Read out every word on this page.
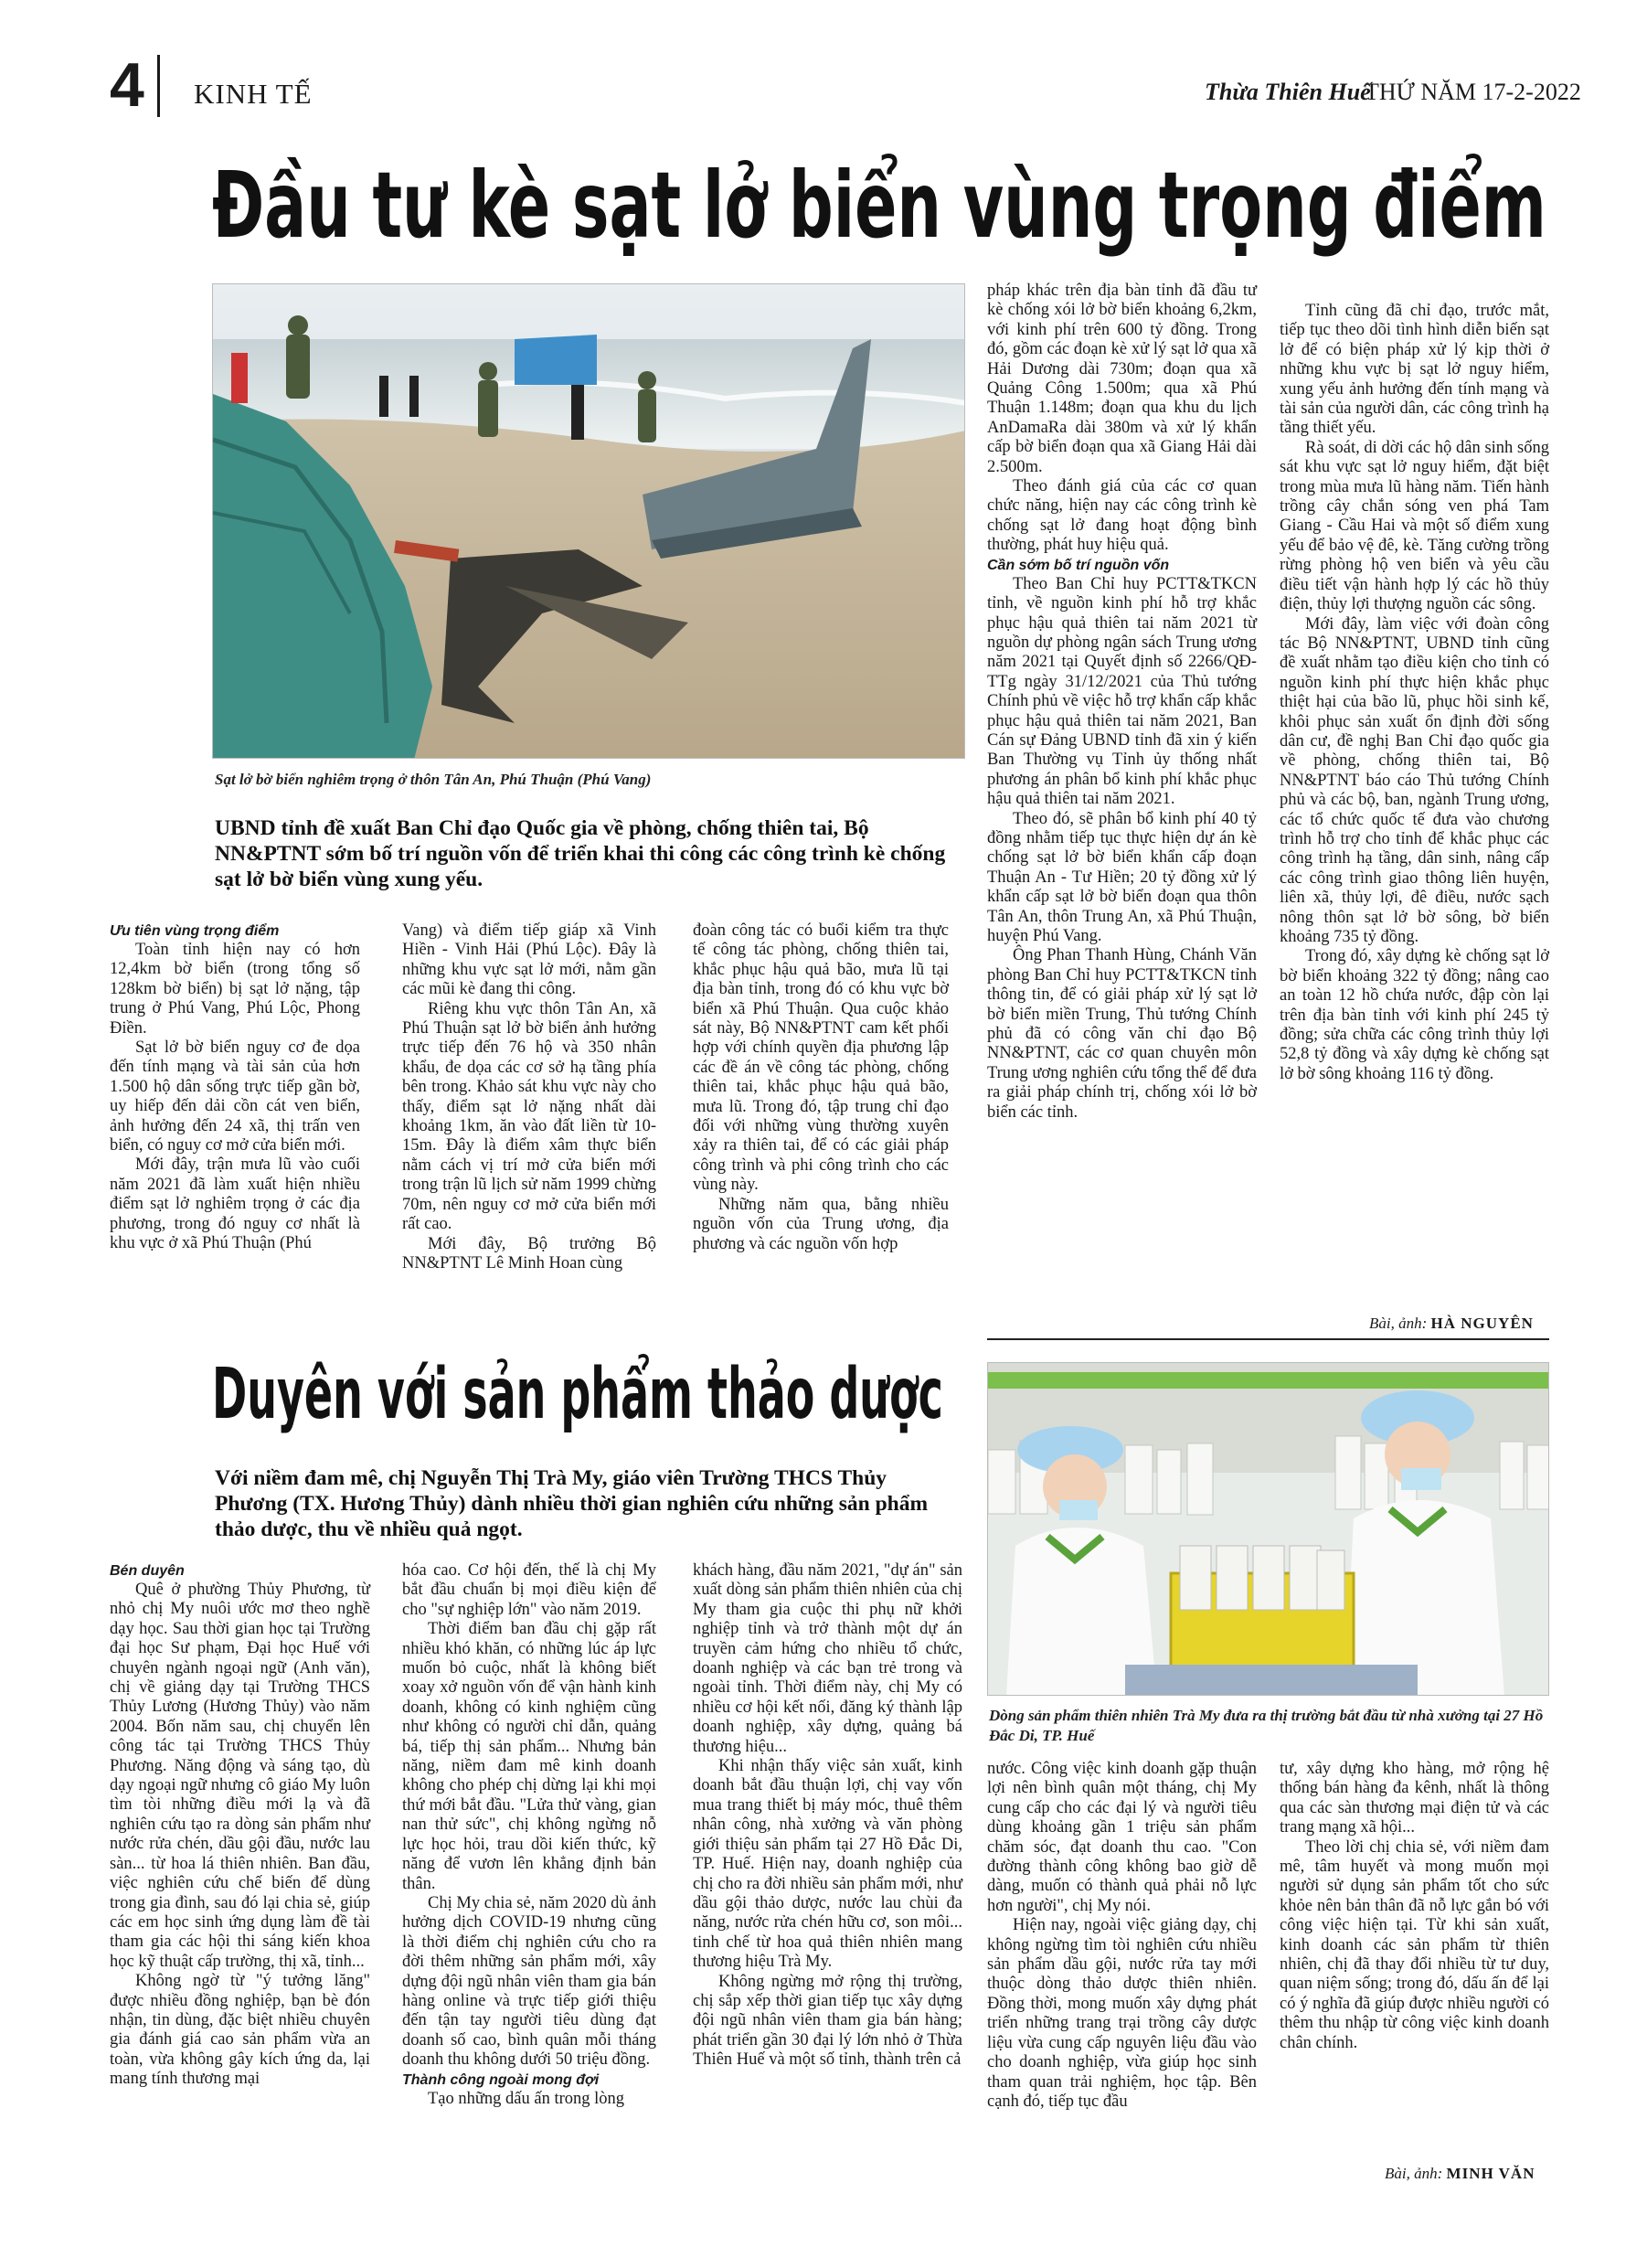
4 KINH TẾ	Thừa Thiên Huế
THỨ NĂM 17-2-2022
Đầu tư kè sạt lở biển vùng trọng điểm
Sạt lở bờ biển nghiêm trọng ở thôn Tân An, Phú Thuận (Phú Vang)
UBND tỉnh đề xuất Ban Chỉ đạo Quốc gia về phòng, chống thiên tai, Bộ NN&PTNT sớm bố trí nguồn vốn để triển khai thi công các công trình kè chống sạt lở bờ biển vùng xung yếu.

Ưu tiên vùng trọng điểm

Toàn tỉnh hiện nay có hơn 12,4km bờ biển (trong tổng số 128km bờ biển) bị sạt lở nặng, tập trung ở Phú Vang, Phú Lộc, Phong Điền.

Sạt lở bờ biển nguy cơ đe dọa đến tính mạng và tài sản của hơn 1.500 hộ dân sống trực tiếp gần bờ, uy hiếp đến dải cồn cát ven biển, ảnh hưởng đến 24 xã, thị trấn ven biển, có nguy cơ mở cửa biển mới.

Mới đây, trận mưa lũ vào cuối năm 2021 đã làm xuất hiện nhiều điểm sạt lở nghiêm trọng ở các địa phương, trong đó nguy cơ nhất là khu vực ở xã Phú Thuận (Phú

Vang) và điểm tiếp giáp xã Vinh Hiền - Vinh Hải (Phú Lộc). Đây là những khu vực sạt lở mới, nằm gần các mũi kè đang thi công.

Riêng khu vực thôn Tân An, xã Phú Thuận sạt lở bờ biển ảnh hưởng trực tiếp đến 76 hộ và 350 nhân khẩu, đe dọa các cơ sở hạ tầng phía bên trong. Khảo sát khu vực này cho thấy, điểm sạt lở nặng nhất dài khoảng 1km, ăn vào đất liền từ 10-15m. Đây là điểm xâm thực biển nằm cách vị trí mở cửa biển mới trong trận lũ lịch sử năm 1999 chừng 70m, nên nguy cơ mở cửa biển mới rất cao.

Mới đây, Bộ trưởng Bộ NN&PTNT Lê Minh Hoan cùng

đoàn công tác có buổi kiểm tra thực tế công tác phòng, chống thiên tai, khắc phục hậu quả bão, mưa lũ tại địa bàn tỉnh, trong đó có khu vực bờ biển xã Phú Thuận. Qua cuộc khảo sát này, Bộ NN&PTNT cam kết phối hợp với chính quyền địa phương lập các đề án về công tác phòng, chống thiên tai, khắc phục hậu quả bão, mưa lũ. Trong đó, tập trung chỉ đạo đối với những vùng thường xuyên xảy ra thiên tai, để có các giải pháp công trình và phi công trình cho các vùng này.

Những năm qua, bằng nhiều nguồn vốn của Trung ương, địa phương và các nguồn vốn hợp

pháp khác trên địa bàn tỉnh đã đầu tư kè chống xói lở bờ biển khoảng 6,2km, với kinh phí trên 600 tỷ đồng. Trong đó, gồm các đoạn kè xử lý sạt lở qua xã Hải Dương dài 730m; đoạn qua xã Quảng Công 1.500m; qua xã Phú Thuận 1.148m; đoạn qua khu du lịch AnDamaRa dài 380m và xử lý khẩn cấp bờ biển đoạn qua xã Giang Hải dài 2.500m.

Theo đánh giá của các cơ quan chức năng, hiện nay các công trình kè chống sạt lở đang hoạt động bình thường, phát huy hiệu quả.

Cần sớm bố trí nguồn vốn

Theo Ban Chỉ huy PCTT&TKCN tỉnh, về nguồn kinh phí hỗ trợ khắc phục hậu quả thiên tai năm 2021 từ nguồn dự phòng ngân sách Trung ương năm 2021 tại Quyết định số 2266/QĐ-TTg ngày 31/12/2021 của Thủ tướng Chính phủ về việc hỗ trợ khẩn cấp khắc phục hậu quả thiên tai năm 2021, Ban Cán sự Đảng UBND tỉnh đã xin ý kiến Ban Thường vụ Tỉnh ủy thống nhất phương án phân bổ kinh phí khắc phục hậu quả thiên tai năm 2021.

Theo đó, sẽ phân bổ kinh phí 40 tỷ đồng nhằm tiếp tục thực hiện dự án kè chống sạt lở bờ biển khẩn cấp đoạn Thuận An - Tư Hiền; 20 tỷ đồng xử lý khẩn cấp sạt lở bờ biển đoạn qua thôn Tân An, thôn Trung An, xã Phú Thuận, huyện Phú Vang.

Ông Phan Thanh Hùng, Chánh Văn phòng Ban Chỉ huy PCTT&TKCN tỉnh thông tin, để có giải pháp xử lý sạt lở bờ biển miền Trung, Thủ tướng Chính phủ đã có công văn chỉ đạo Bộ NN&PTNT, các cơ quan chuyên môn Trung ương nghiên cứu tổng thể để đưa ra giải pháp chính trị, chống xói lở bờ biển các tỉnh.

Tỉnh cũng đã chỉ đạo, trước mắt, tiếp tục theo dõi tình hình diễn biến sạt lở để có biện pháp xử lý kịp thời ở những khu vực bị sạt lở nguy hiểm, xung yếu ảnh hưởng đến tính mạng và tài sản của người dân, các công trình hạ tầng thiết yếu.

Rà soát, di dời các hộ dân sinh sống sát khu vực sạt lở nguy hiểm, đặt biệt trong mùa mưa lũ hàng năm. Tiến hành trồng cây chắn sóng ven phá Tam Giang - Cầu Hai và một số điểm xung yếu để bảo vệ đê, kè. Tăng cường trồng rừng phòng hộ ven biển và yêu cầu điều tiết vận hành hợp lý các hồ thủy điện, thủy lợi thượng nguồn các sông.

Mới đây, làm việc với đoàn công tác Bộ NN&PTNT, UBND tỉnh cũng đề xuất nhằm tạo điều kiện cho tỉnh có nguồn kinh phí thực hiện khắc phục thiệt hại của bão lũ, phục hồi sinh kế, khôi phục sản xuất ổn định đời sống dân cư, đề nghị Ban Chỉ đạo quốc gia về phòng, chống thiên tai, Bộ NN&PTNT báo cáo Thủ tướng Chính phủ và các bộ, ban, ngành Trung ương, các tổ chức quốc tế đưa vào chương trình hỗ trợ cho tỉnh để khắc phục các công trình hạ tầng, dân sinh, nâng cấp các công trình giao thông liên huyện, liên xã, thủy lợi, đê điều, nước sạch nông thôn sạt lở bờ sông, bờ biển khoảng 735 tỷ đồng.

Trong đó, xây dựng kè chống sạt lở bờ biển khoảng 322 tỷ đồng; nâng cao an toàn 12 hồ chứa nước, đập còn lại trên địa bàn tỉnh với kinh phí 245 tỷ đồng; sửa chữa các công trình thủy lợi 52,8 tỷ đồng và xây dựng kè chống sạt lở bờ sông khoảng 116 tỷ đồng.

Bài, ảnh: HÀ NGUYÊN
Duyên với sản phẩm thảo dược
Với niềm đam mê, chị Nguyễn Thị Trà My, giáo viên Trường THCS Thủy Phương (TX. Hương Thủy) dành nhiều thời gian nghiên cứu những sản phẩm thảo dược, thu về nhiều quả ngọt.
Dòng sản phẩm thiên nhiên Trà My đưa ra thị trường bắt đầu từ nhà xưởng tại 27 Hồ Đắc Di, TP. Huế

Bén duyên

Quê ở phường Thủy Phương, từ nhỏ chị My nuôi ước mơ theo nghề dạy học. Sau thời gian học tại Trường đại học Sư phạm, Đại học Huế với chuyên ngành ngoại ngữ (Anh văn), chị về giảng dạy tại Trường THCS Thủy Lương (Hương Thủy) vào năm 2004. Bốn năm sau, chị chuyển lên công tác tại Trường THCS Thủy Phương. Năng động và sáng tạo, dù dạy ngoại ngữ nhưng cô giáo My luôn tìm tòi những điều mới lạ và đã nghiên cứu tạo ra dòng sản phẩm như nước rửa chén, dầu gội đầu, nước lau sàn... từ hoa lá thiên nhiên. Ban đầu, việc nghiên cứu chế biến để dùng trong gia đình, sau đó lại chia sẻ, giúp các em học sinh ứng dụng làm đề tài tham gia các hội thi sáng kiến khoa học kỹ thuật cấp trường, thị xã, tỉnh...

Không ngờ từ "ý tưởng lăng" được nhiều đồng nghiệp, bạn bè đón nhận, tin dùng, đặc biệt nhiều chuyên gia đánh giá cao sản phẩm vừa an toàn, vừa không gây kích ứng da, lại mang tính thương mại

hóa cao. Cơ hội đến, thế là chị My bắt đầu chuẩn bị mọi điều kiện để cho "sự nghiệp lớn" vào năm 2019.

Thời điểm ban đầu chị gặp rất nhiều khó khăn, có những lúc áp lực muốn bỏ cuộc, nhất là không biết xoay xở nguồn vốn để vận hành kinh doanh, không có kinh nghiệm cũng như không có người chỉ dẫn, quảng bá, tiếp thị sản phẩm... Nhưng bản năng, niềm đam mê kinh doanh không cho phép chị dừng lại khi mọi thứ mới bắt đầu. "Lửa thử vàng, gian nan thử sức", chị không ngừng nỗ lực học hỏi, trau dồi kiến thức, kỹ năng để vươn lên khẳng định bản thân.

Chị My chia sẻ, năm 2020 dù ảnh hưởng dịch COVID-19 nhưng cũng là thời điểm chị nghiên cứu cho ra đời thêm những sản phẩm mới, xây dựng đội ngũ nhân viên tham gia bán hàng online và trực tiếp giới thiệu đến tận tay người tiêu dùng đạt doanh số cao, bình quân mỗi tháng doanh thu không dưới 50 triệu đồng.

Thành công ngoài mong đợi

Tạo những dấu ấn trong lòng

khách hàng, đầu năm 2021, "dự án" sản xuất dòng sản phẩm thiên nhiên của chị My tham gia cuộc thi phụ nữ khởi nghiệp tỉnh và trở thành một dự án truyền cảm hứng cho nhiều tổ chức, doanh nghiệp và các bạn trẻ trong và ngoài tỉnh. Thời điểm này, chị My có nhiều cơ hội kết nối, đăng ký thành lập doanh nghiệp, xây dựng, quảng bá thương hiệu...

Khi nhận thấy việc sản xuất, kinh doanh bắt đầu thuận lợi, chị vay vốn mua trang thiết bị máy móc, thuê thêm nhân công, nhà xưởng và văn phòng giới thiệu sản phẩm tại 27 Hồ Đắc Di, TP. Huế. Hiện nay, doanh nghiệp của chị cho ra đời nhiều sản phẩm mới, như dầu gội thảo dược, nước lau chùi đa năng, nước rửa chén hữu cơ, son môi... tinh chế từ hoa quả thiên nhiên mang thương hiệu Trà My.

Không ngừng mở rộng thị trường, chị sắp xếp thời gian tiếp tục xây dựng đội ngũ nhân viên tham gia bán hàng; phát triển gần 30 đại lý lớn nhỏ ở Thừa Thiên Huế và một số tỉnh, thành trên cả

nước. Công việc kinh doanh gặp thuận lợi nên bình quân một tháng, chị My cung cấp cho các đại lý và người tiêu dùng khoảng gần 1 triệu sản phẩm chăm sóc, đạt doanh thu cao. "Con đường thành công không bao giờ dễ dàng, muốn có thành quả phải nỗ lực hơn người", chị My nói.

Hiện nay, ngoài việc giảng dạy, chị không ngừng tìm tòi nghiên cứu nhiều sản phẩm dầu gội, nước rửa tay mới thuộc dòng thảo dược thiên nhiên. Đồng thời, mong muốn xây dựng phát triển những trang trại trồng cây dược liệu vừa cung cấp nguyên liệu đầu vào cho doanh nghiệp, vừa giúp học sinh tham quan trải nghiệm, học tập. Bên cạnh đó, tiếp tục đầu

tư, xây dựng kho hàng, mở rộng hệ thống bán hàng đa kênh, nhất là thông qua các sàn thương mại điện tử và các trang mạng xã hội...

Theo lời chị chia sẻ, với niềm đam mê, tâm huyết và mong muốn mọi người sử dụng sản phẩm tốt cho sức khỏe nên bản thân đã nỗ lực gắn bó với công việc hiện tại. Từ khi sản xuất, kinh doanh các sản phẩm từ thiên nhiên, chị đã thay đổi nhiều từ tư duy, quan niệm sống; trong đó, dấu ấn để lại có ý nghĩa đã giúp được nhiều người có thêm thu nhập từ công việc kinh doanh chân chính.

Bài, ảnh: MINH VĂN
